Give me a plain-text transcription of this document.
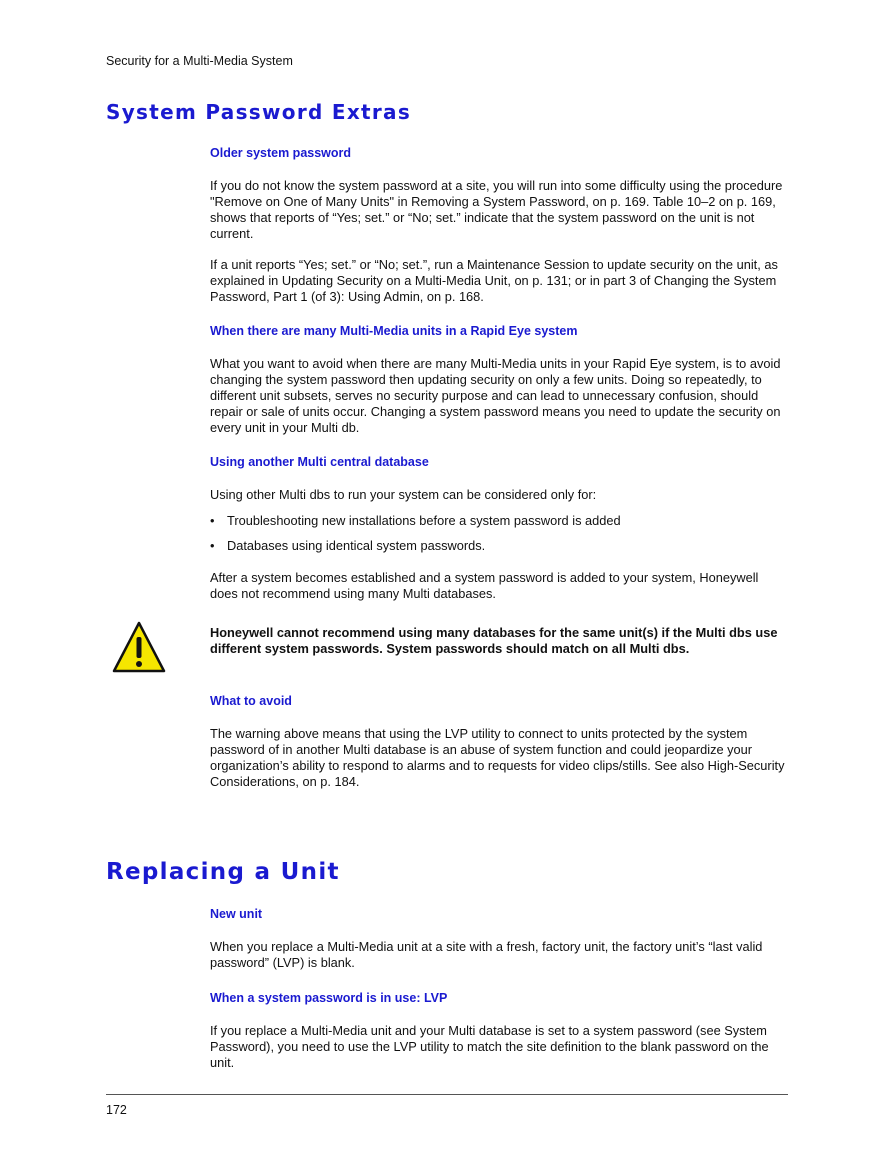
Security for a Multi-Media System
System Password Extras
Older system password

If you do not know the system password at a site, you will run into some difficulty using the procedure "Remove on One of Many Units" in Removing a System Password, on p. 169. Table 10–2 on p. 169, shows that reports of “Yes; set.” or “No; set.” indicate that the system password on the unit is not current.

If a unit reports “Yes; set.” or “No; set.”, run a Maintenance Session to update security on the unit, as explained in Updating Security on a Multi-Media Unit, on p. 131; or in part 3 of Changing the System Password, Part 1 (of 3): Using Admin, on p. 168.

When there are many Multi-Media units in a Rapid Eye system

What you want to avoid when there are many Multi-Media units in your Rapid Eye system, is to avoid changing the system password then updating security on only a few units. Doing so repeatedly, to different unit subsets, serves no security purpose and can lead to unnecessary confusion, should repair or sale of units occur. Changing a system password means you need to update the security on every unit in your Multi db.

Using another Multi central database

Using other Multi dbs to run your system can be considered only for:

• Troubleshooting new installations before a system password is added
• Databases using identical system passwords.

After a system becomes established and a system password is added to your system, Honeywell does not recommend using many Multi databases.

Honeywell cannot recommend using many databases for the same unit(s) if the Multi dbs use different system passwords. System passwords should match on all Multi dbs.

What to avoid

The warning above means that using the LVP utility to connect to units protected by the system password of in another Multi database is an abuse of system function and could jeopardize your organization’s ability to respond to alarms and to requests for video clips/stills. See also High-Security Considerations, on p. 184.

Replacing a Unit
New unit

When you replace a Multi-Media unit at a site with a fresh, factory unit, the factory unit’s “last valid password” (LVP) is blank.

When a system password is in use: LVP

If you replace a Multi-Media unit and your Multi database is set to a system password (see System Password), you need to use the LVP utility to match the site definition to the blank password on the unit.

172
